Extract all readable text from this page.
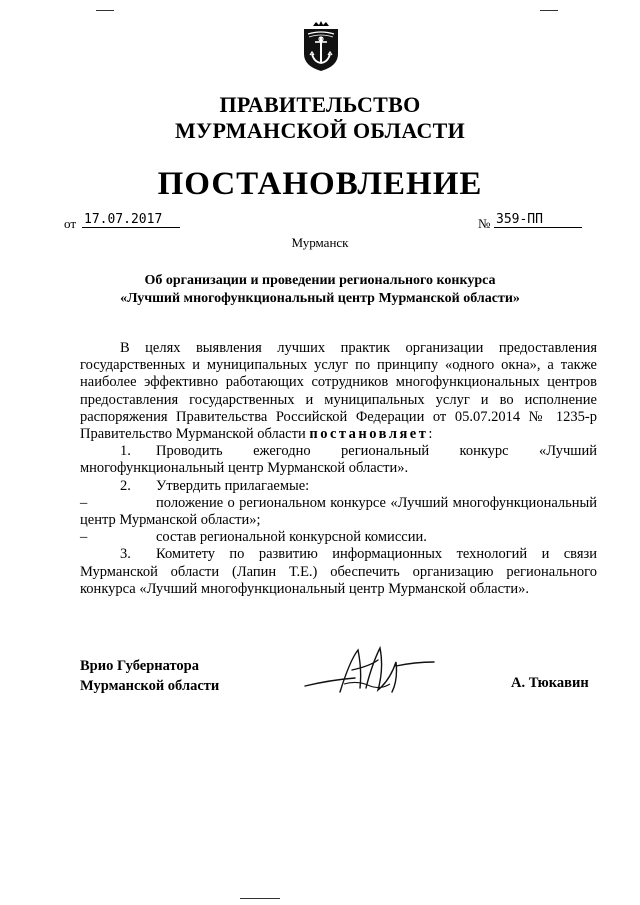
ПРАВИТЕЛЬСТВО
МУРМАНСКОЙ ОБЛАСТИ
ПОСТАНОВЛЕНИЕ
от 17.07.2017	№ 359-ПП
Мурманск
Об организации и проведении регионального конкурса
«Лучший многофункциональный центр Мурманской области»

В целях выявления лучших практик организации предоставления государственных и муниципальных услуг по принципу «одного окна», а также наиболее эффективно работающих сотрудников многофункциональных центров предоставления государственных и муниципальных услуг и во исполнение распоряжения Правительства Российской Федерации от 05.07.2014 № 1235-р Правительство Мурманской области постановляет:

1. Проводить ежегодно региональный конкурс «Лучший многофункциональный центр Мурманской области».

2. Утвердить прилагаемые:

–	положение о региональном конкурсе «Лучший многофункциональный центр Мурманской области»;

–	состав региональной конкурсной комиссии.

3. Комитету по развитию информационных технологий и связи Мурманской области (Лапин Т.Е.) обеспечить организацию регионального конкурса «Лучший многофункциональный центр Мурманской области».

Врио Губернатора
Мурманской области	А. Тюкавин
